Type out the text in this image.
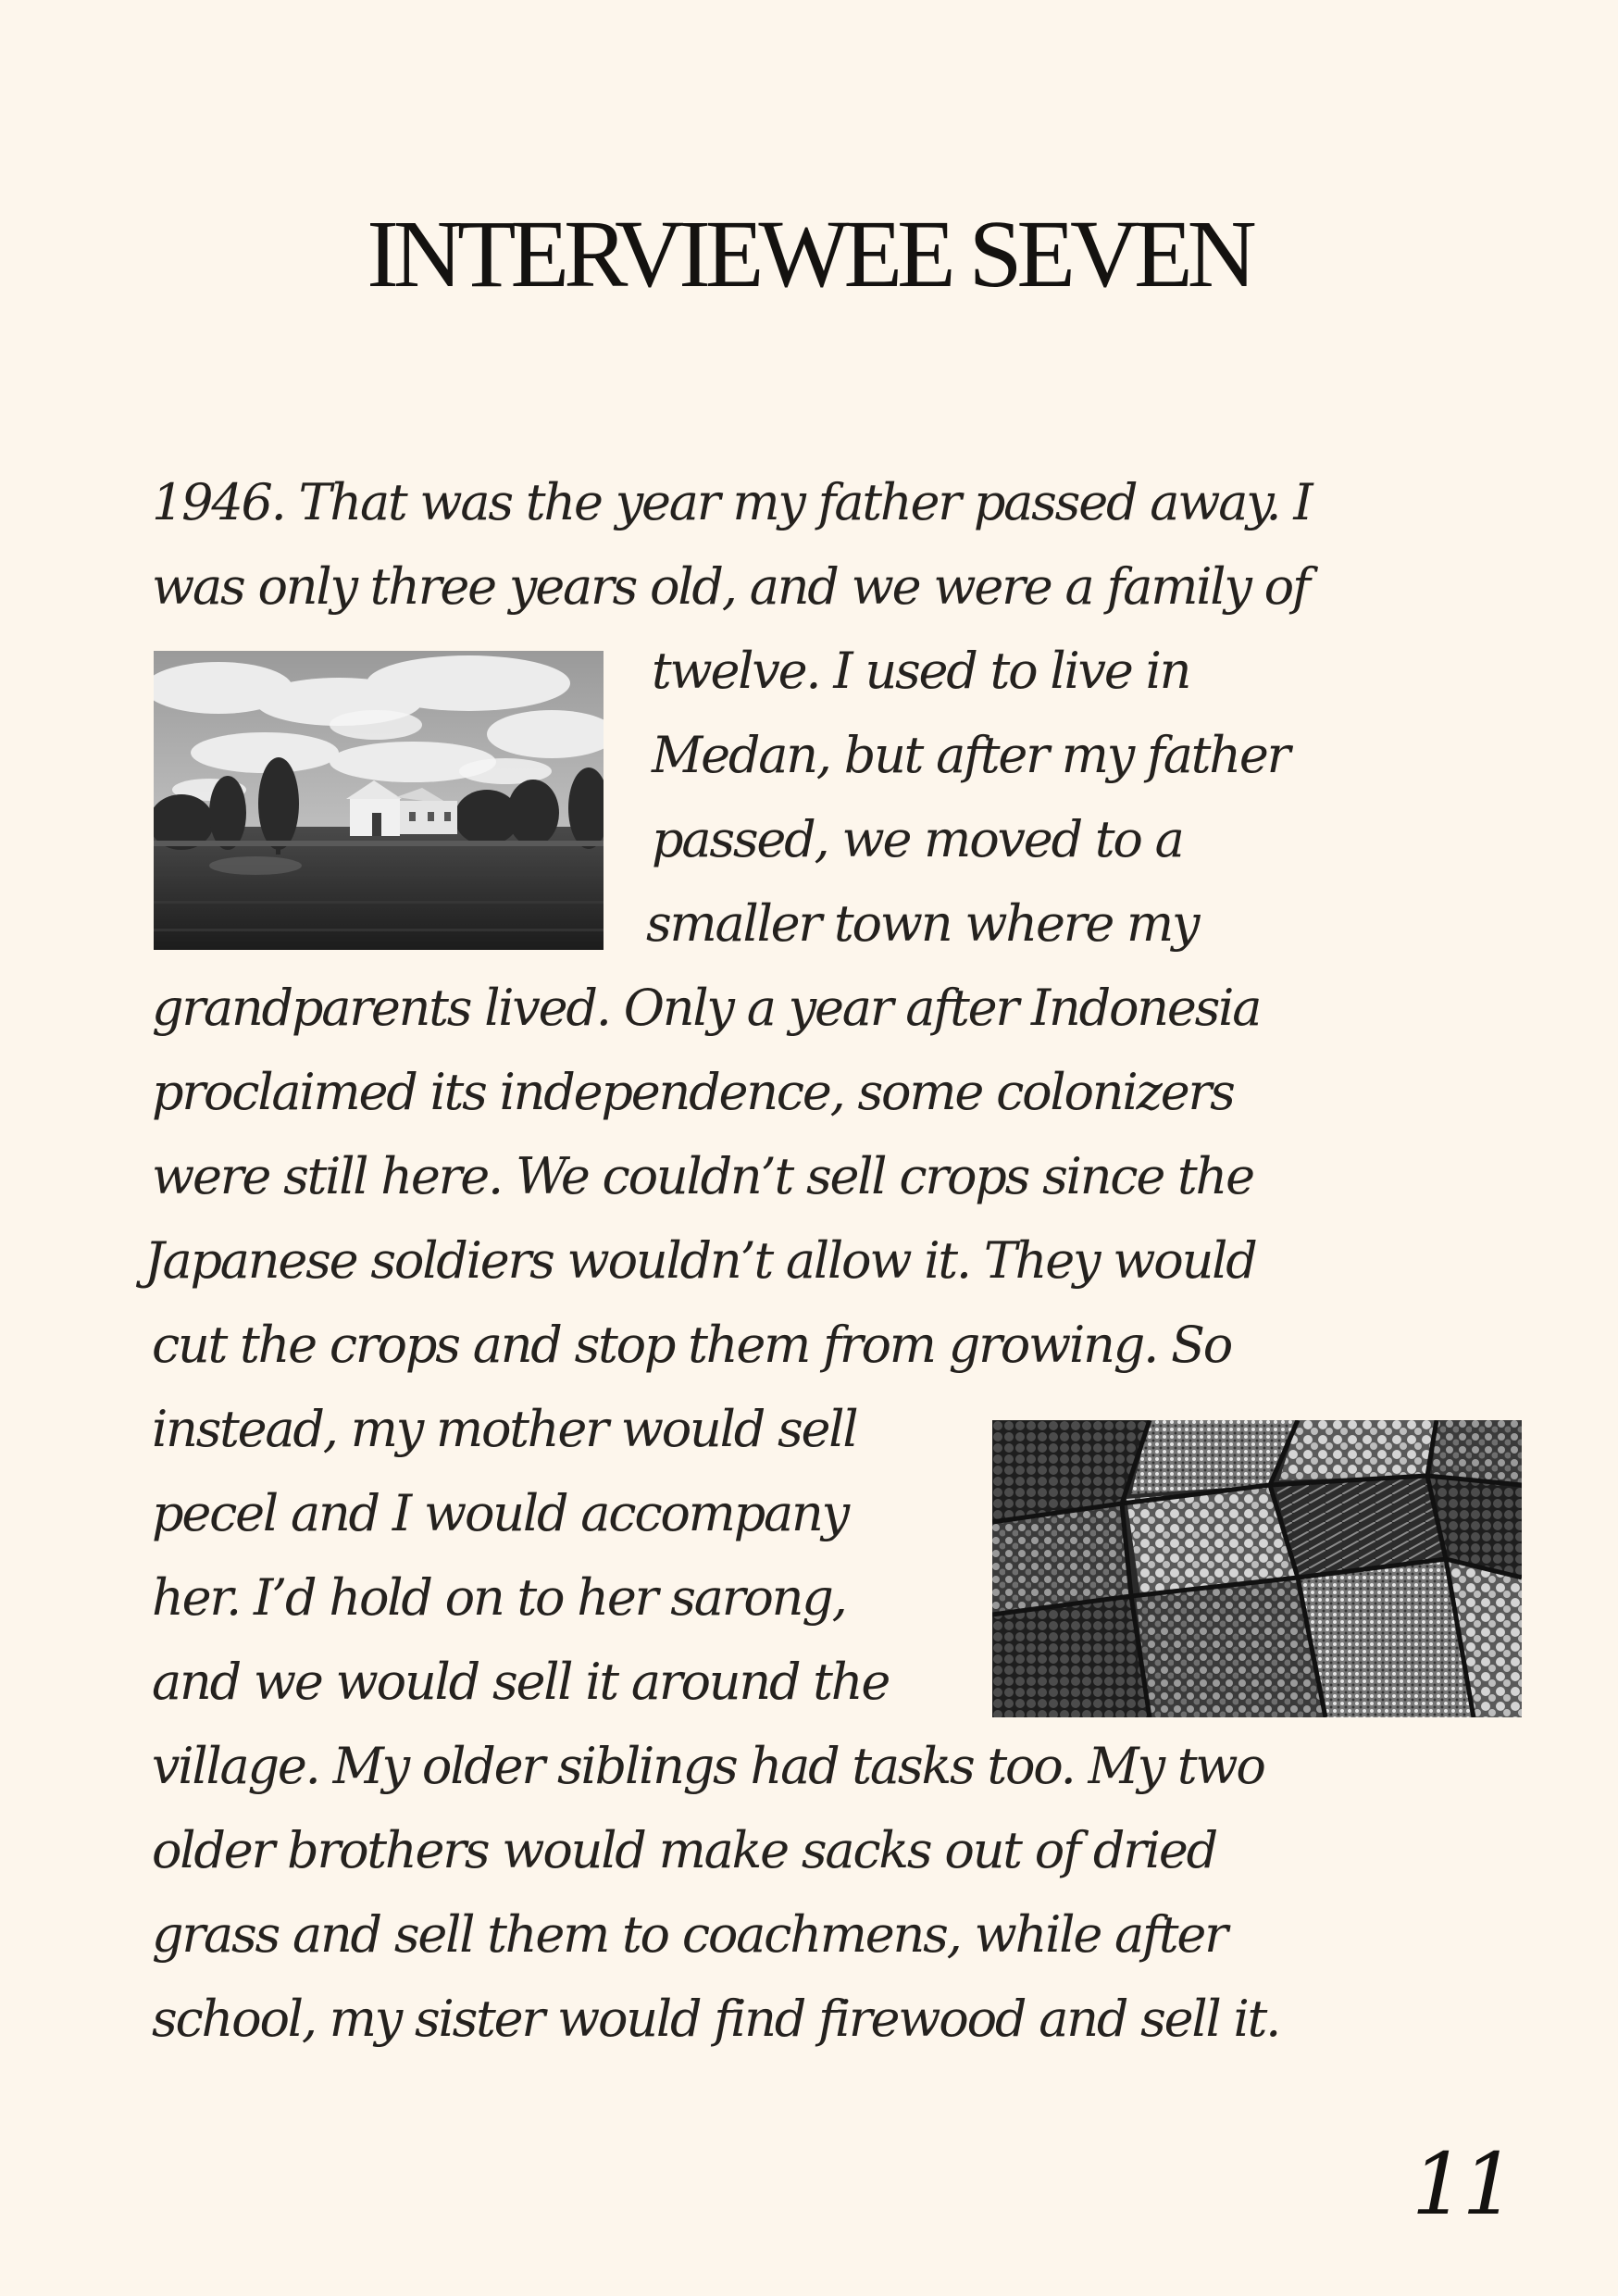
INTERVIEWEE SEVEN
1946. That was the year my father passed away. I
was only three years old, and we were a family of
twelve. I used to live in
Medan, but after my father
passed, we moved to a
smaller town where my
grandparents lived. Only a year after Indonesia
proclaimed its independence, some colonizers
were still here. We couldn’t sell crops since the
Japanese soldiers wouldn’t allow it. They would
cut the crops and stop them from growing. So
instead, my mother would sell
pecel and I would accompany
her. I’d hold on to her sarong,
and we would sell it around the
village. My older siblings had tasks too. My two
older brothers would make sacks out of dried
grass and sell them to coachmens, while after
school, my sister would find firewood and sell it.
11
